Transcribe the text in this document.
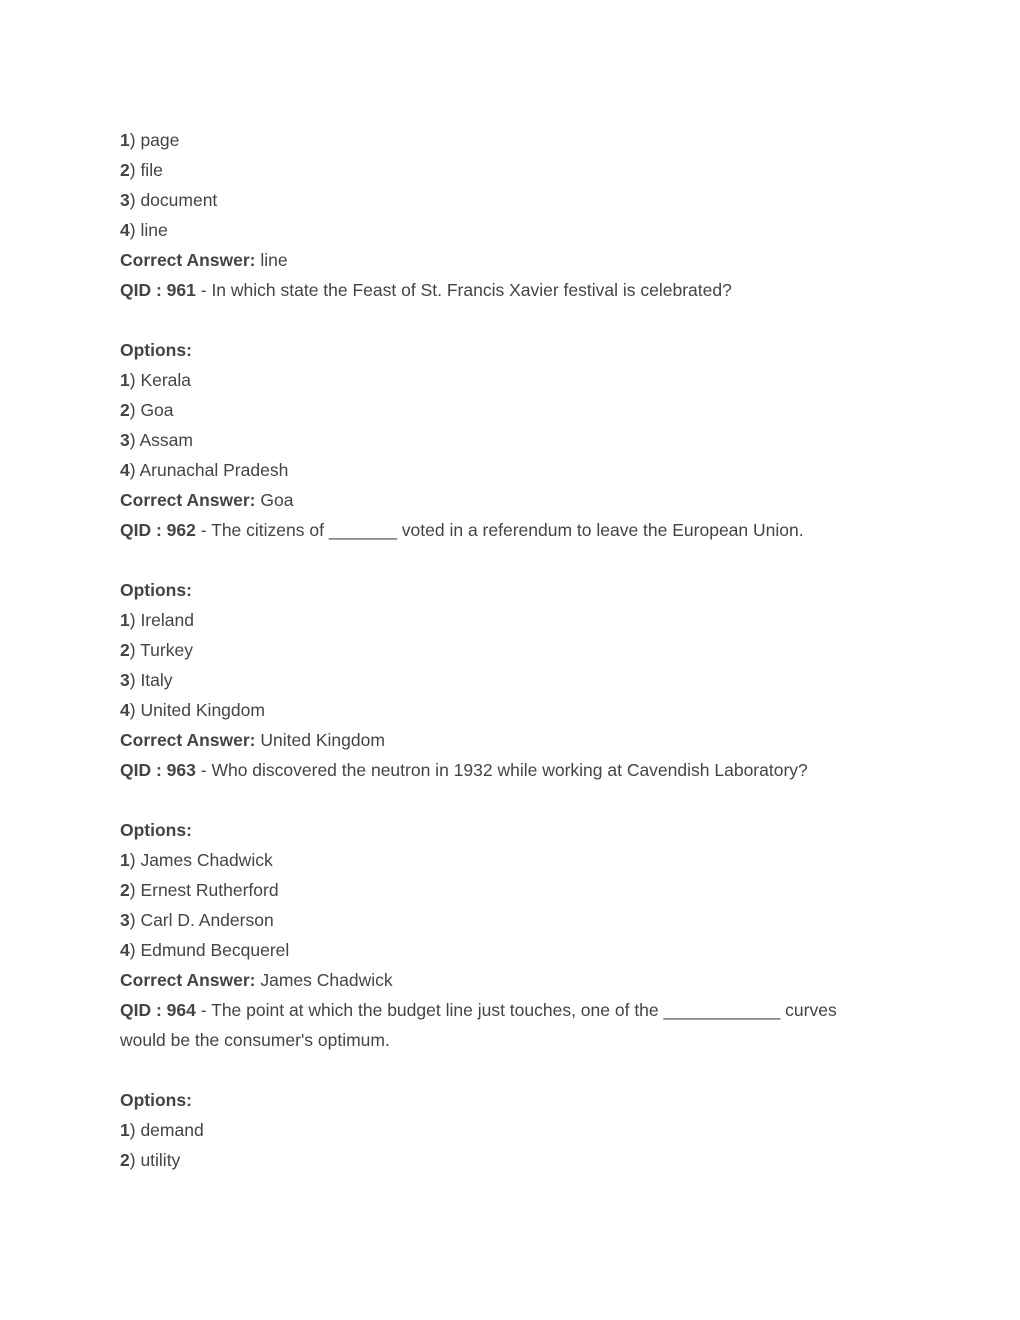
1) page
2) file
3) document
4) line
Correct Answer: line
QID : 961 - In which state the Feast of St. Francis Xavier festival is celebrated?
Options:
1) Kerala
2) Goa
3) Assam
4) Arunachal Pradesh
Correct Answer: Goa
QID : 962 - The citizens of _______ voted in a referendum to leave the European Union.
Options:
1) Ireland
2) Turkey
3) Italy
4) United Kingdom
Correct Answer: United Kingdom
QID : 963 - Who discovered the neutron in 1932 while working at Cavendish Laboratory?
Options:
1) James Chadwick
2) Ernest Rutherford
3) Carl D. Anderson
4) Edmund Becquerel
Correct Answer: James Chadwick
QID : 964 - The point at which the budget line just touches, one of the ____________ curves would be the consumer's optimum.
Options:
1) demand
2) utility
